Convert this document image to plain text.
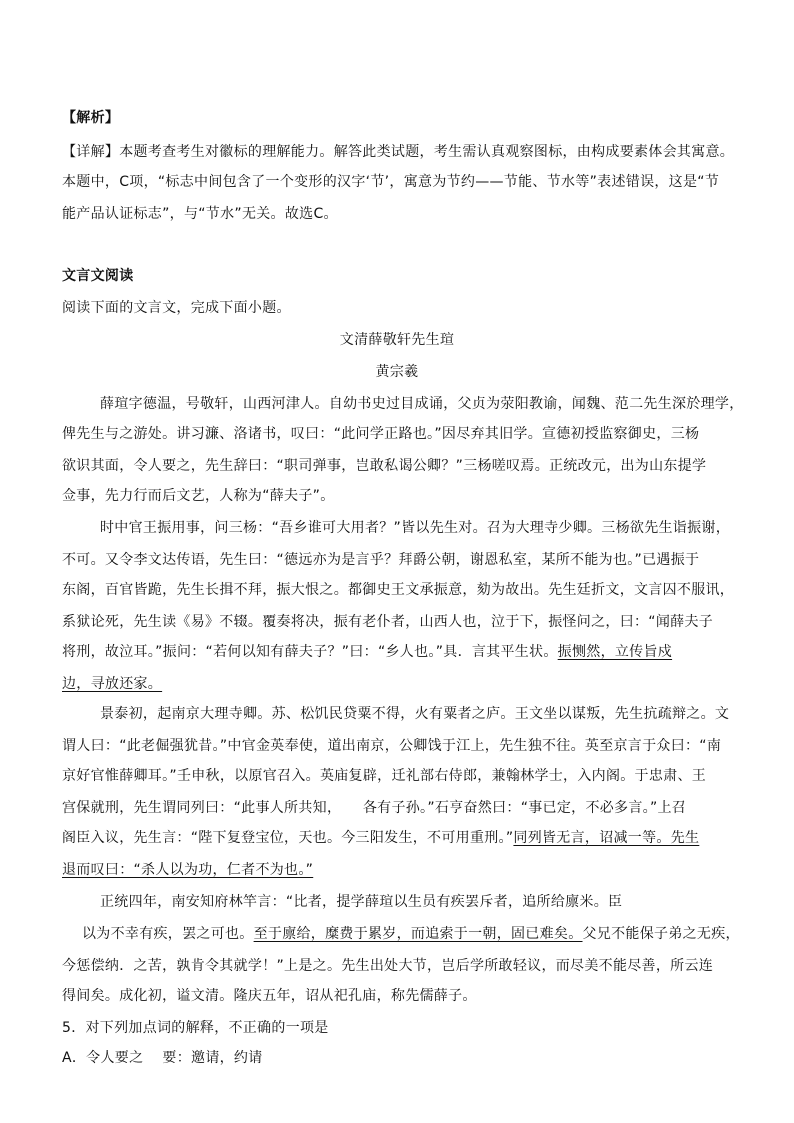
【解析】
【详解】本题考查考生对徽标的理解能力。解答此类试题，考生需认真观察图标，由构成要素体会其寓意。
本题中，C项，“标志中间包含了一个变形的汉字‘节’，寓意为节约——节能、节水等”表述错误，这是“节
能产品认证标志”，与“节水”无关。故选C。
文言文阅读
阅读下面的文言文，完成下面小题。
文清薛敬轩先生瑄
黄宗羲
薛瑄字德温，号敬轩，山西河津人。自幼书史过目成诵，父贞为荥阳教谕，闻魏、范二先生深於理学，
俾先生与之游处。讲习濂、洛诸书，叹曰：“此问学正路也。”因尽弃其旧学。宣德初授监察御史，三杨
欲识其面，令人要之，先生辞曰：“职司弹事，岂敢私谒公卿？”三杨嗟叹焉。正统改元，出为山东提学
佥事，先力行而后文艺，人称为“薛夫子”。
时中官王振用事，问三杨：“吾乡谁可大用者？”皆以先生对。召为大理寺少卿。三杨欲先生诣振谢，
不可。又令李文达传语，先生曰：“德远亦为是言乎？拜爵公朝，谢恩私室，某所不能为也。”已遇振于
东阁，百官皆跪，先生长揖不拜，振大恨之。都御史王文承振意，劾为故出。先生廷折文，文言囚不服讯，
系狱论死，先生读《易》不辍。覆奏将决，振有老仆者，山西人也，泣于下，振怪问之，曰：“闻薛夫子
将刑，故泣耳。”振问：“若何以知有薛夫子？”曰：“乡人也。”具．言其平生状。振恻然，立传旨戍
边，寻放还家。
景泰初，起南京大理寺卿。苏、松饥民贷粟不得，火有粟者之庐。王文坐以谋叛，先生抗疏辩之。文
谓人曰：“此老倔强犹昔。”中官金英奉使，道出南京，公卿饯于江上，先生独不往。英至京言于众曰：“南
京好官惟薛卿耳。”壬申秋，以原官召入。英庙复辟，迁礼部右侍郎，兼翰林学士，入内阁。于忠肃、王
宫保就刑，先生谓同列曰：“此事人所共知，　　各有子孙。”石亨奋然曰：“事已定，不必多言。”上召
阁臣入议，先生言：“陛下复登宝位，天也。今三阳发生，不可用重刑。”同列皆无言，诏减一等。先生
退而叹曰：“杀人以为功，仁者不为也。”
正统四年，南安知府林竿言：“比者，提学薛瑄以生员有疾罢斥者，追所给廪米。臣
以为不幸有疾，罢之可也。至于廪给，糜费于累岁，而追索于一朝，固已难矣。父兄不能保子弟之无疾，
今惩偿纳．之苦，孰肯令其就学！”上是之。先生出处大节，岂后学所敢轻议，而尽美不能尽善，所云连
得间矣。成化初，谥文清。隆庆五年，诏从祀孔庙，称先儒薛子。
5．对下列加点词的解释，不正确的一项是
A．令人要之　 要：邀请，约请
